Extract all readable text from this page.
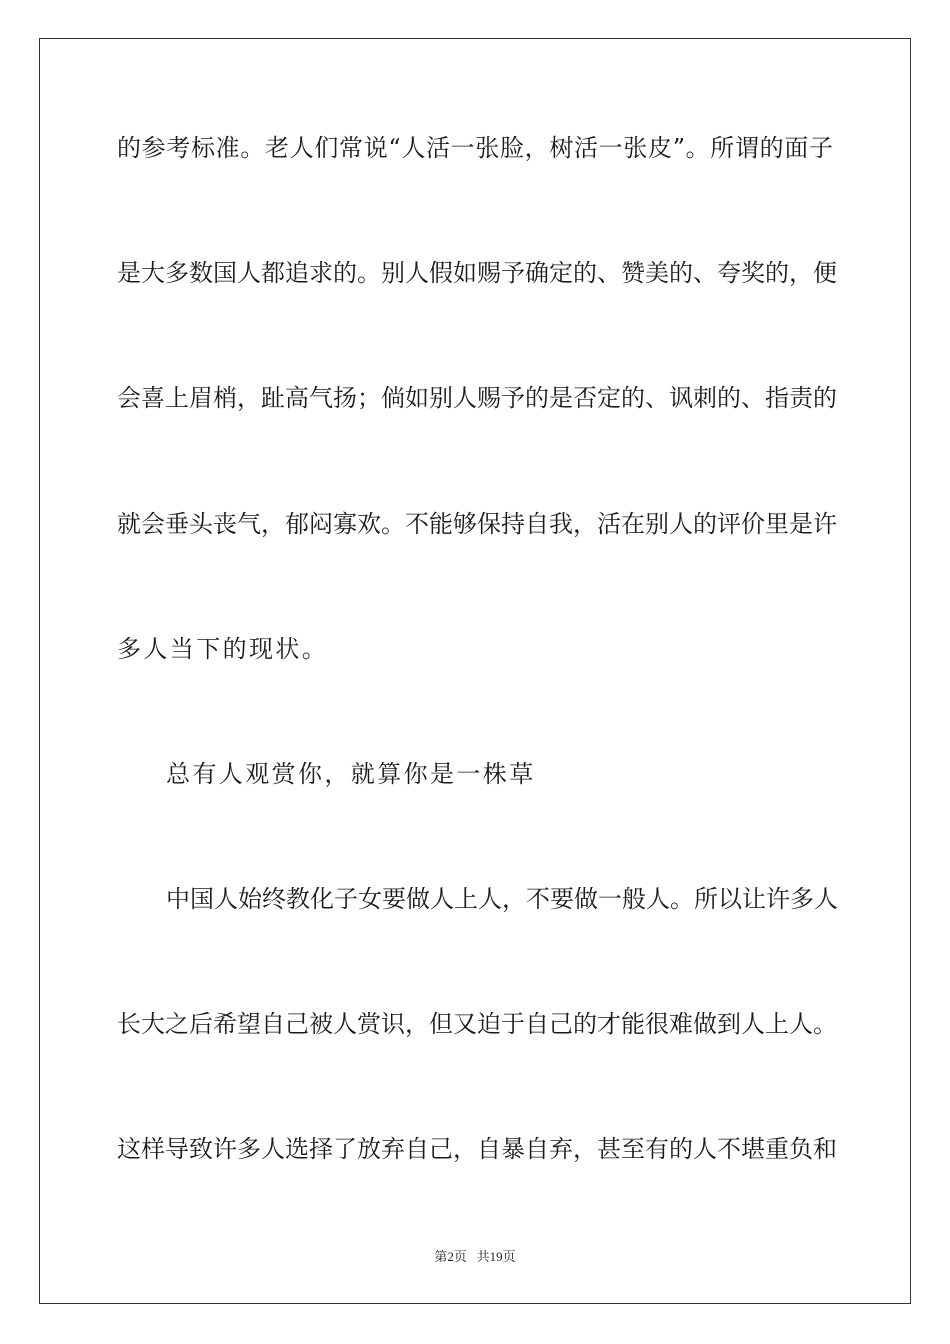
的参考标准。老人们常说“人活一张脸，树活一张皮”。所谓的面子
是大多数国人都追求的。别人假如赐予确定的、赞美的、夸奖的，便
会喜上眉梢，趾高气扬；倘如别人赐予的是否定的、讽刺的、指责的
就会垂头丧气，郁闷寡欢。不能够保持自我，活在别人的评价里是许
多人当下的现状。
总有人观赏你，就算你是一株草
中国人始终教化子女要做人上人，不要做一般人。所以让许多人
长大之后希望自己被人赏识，但又迫于自己的才能很难做到人上人。
这样导致许多人选择了放弃自己，自暴自弃，甚至有的人不堪重负和
第2页 共19页
